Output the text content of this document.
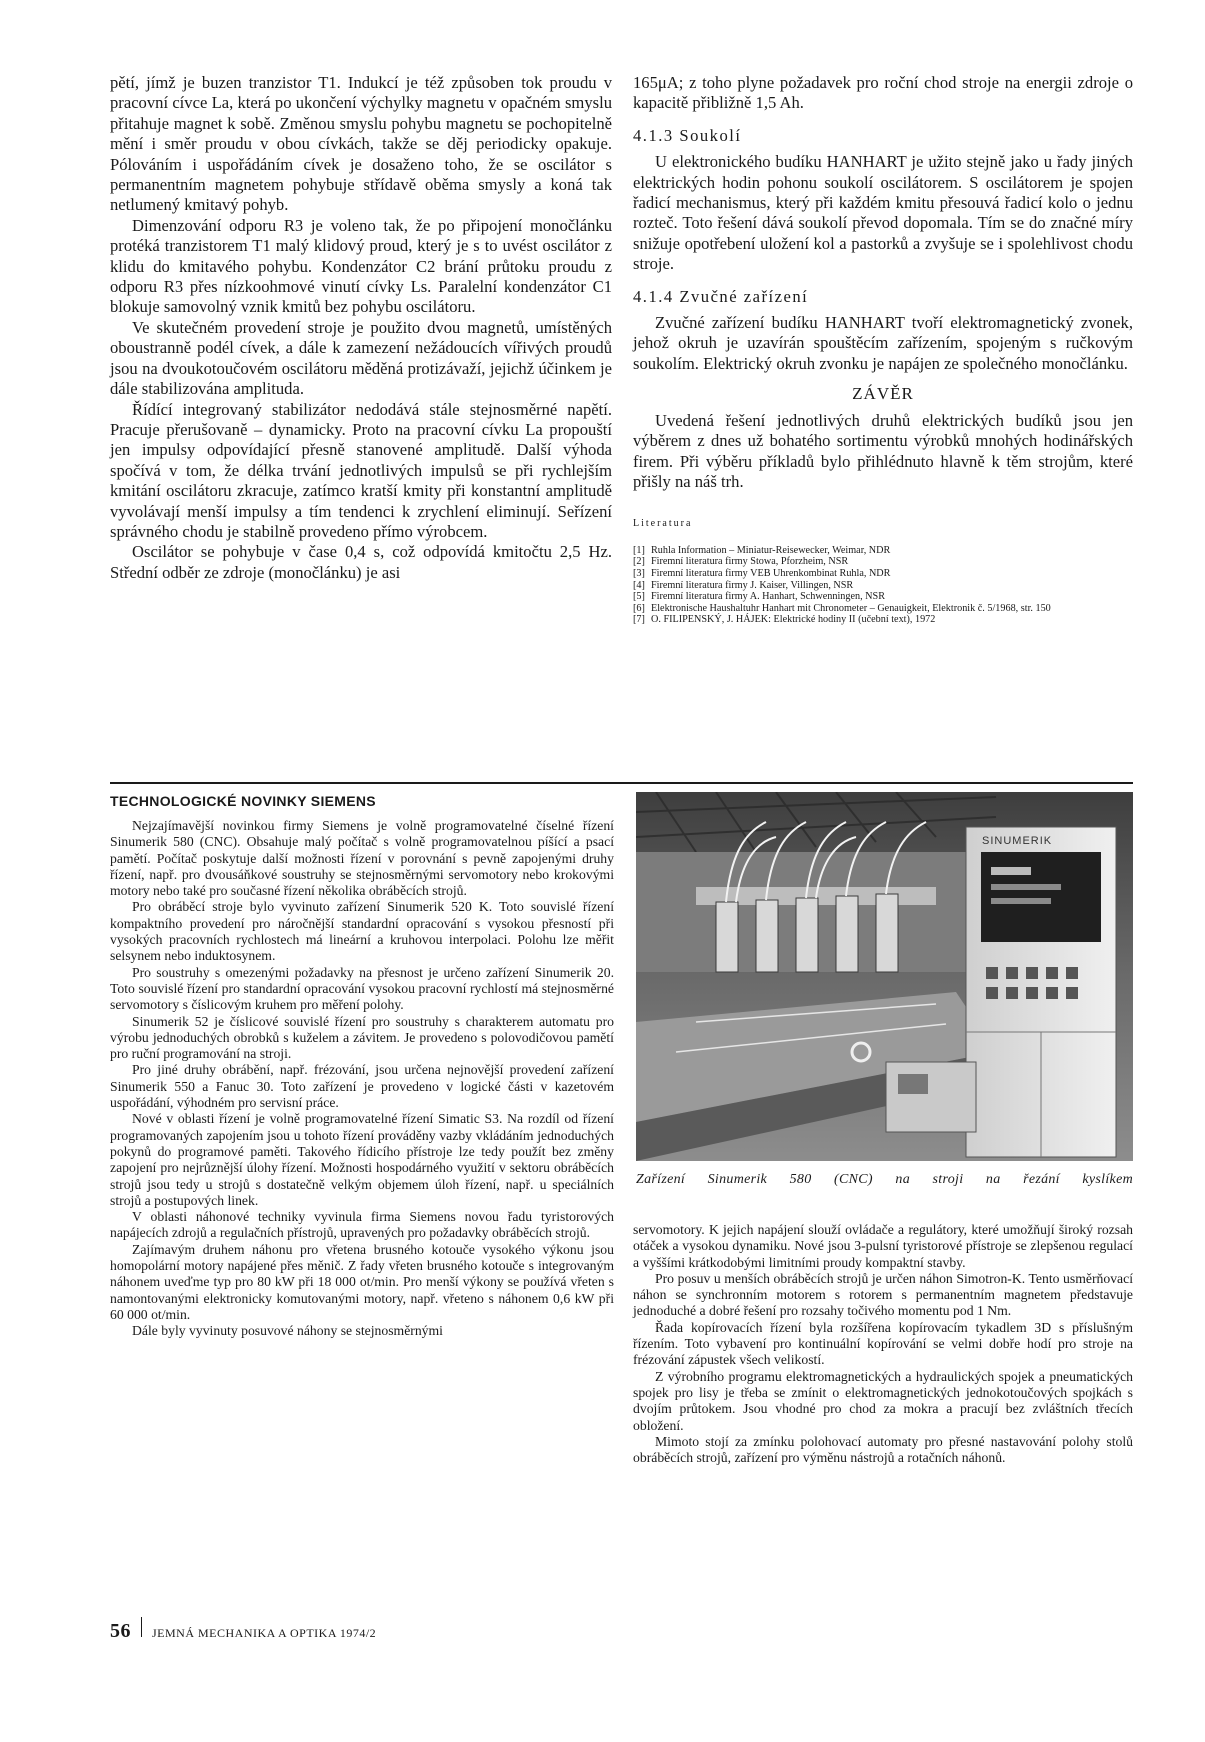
pětí, jímž je buzen tranzistor T1. Indukcí je též způsoben tok proudu v pracovní cívce La, která po ukončení výchylky magnetu v opačném smyslu přitahuje magnet k sobě. Změnou smyslu pohybu magnetu se pochopitelně mění i směr proudu v obou cívkách, takže se děj periodicky opakuje. Pólováním i uspořádáním cívek je dosaženo toho, že se oscilátor s permanentním magnetem pohybuje střídavě oběma smysly a koná tak netlumený kmitavý pohyb.

Dimenzování odporu R3 je voleno tak, že po připojení monočlánku protéká tranzistorem T1 malý klidový proud, který je s to uvést oscilátor z klidu do kmitavého pohybu. Kondenzátor C2 brání průtoku proudu z odporu R3 přes nízkoohmové vinutí cívky Ls. Paralelní kondenzátor C1 blokuje samovolný vznik kmitů bez pohybu oscilátoru.

Ve skutečném provedení stroje je použito dvou magnetů, umístěných oboustranně podél cívek, a dále k zamezení nežádoucích vířivých proudů jsou na dvoukotoučovém oscilátoru měděná protizávaží, jejichž účinkem je dále stabilizována amplituda.

Řídící integrovaný stabilizátor nedodává stále stejnosměrné napětí. Pracuje přerušovaně – dynamicky. Proto na pracovní cívku La propouští jen impulsy odpovídající přesně stanovené amplitudě. Další výhoda spočívá v tom, že délka trvání jednotlivých impulsů se při rychlejším kmitání oscilátoru zkracuje, zatímco kratší kmity při konstantní amplitudě vyvolávají menší impulsy a tím tendenci k zrychlení eliminují. Seřízení správného chodu je stabilně provedeno přímo výrobcem.

Oscilátor se pohybuje v čase 0,4 s, což odpovídá kmitočtu 2,5 Hz. Střední odběr ze zdroje (monočlánku) je asi

165μA; z toho plyne požadavek pro roční chod stroje na energii zdroje o kapacitě přibližně 1,5 Ah.

4.1.3 Soukolí

U elektronického budíku HANHART je užito stejně jako u řady jiných elektrických hodin pohonu soukolí oscilátorem. S oscilátorem je spojen řadicí mechanismus, který při každém kmitu přesouvá řadicí kolo o jednu rozteč. Toto řešení dává soukolí převod dopomala. Tím se do značné míry snižuje opotřebení uložení kol a pastorků a zvyšuje se i spolehlivost chodu stroje.

4.1.4 Zvučné zařízení

Zvučné zařízení budíku HANHART tvoří elektromagnetický zvonek, jehož okruh je uzavírán spouštěcím zařízením, spojeným s ručkovým soukolím. Elektrický okruh zvonku je napájen ze společného monočlánku.

ZÁVĚR

Uvedená řešení jednotlivých druhů elektrických budíků jsou jen výběrem z dnes už bohatého sortimentu výrobků mnohých hodinářských firem. Při výběru příkladů bylo přihlédnuto hlavně k těm strojům, které přišly na náš trh.

Literatura
[1] Ruhla Information – Miniatur-Reisewecker, Weimar, NDR
[2] Firemní literatura firmy Stowa, Pforzheim, NSR
[3] Firemní literatura firmy VEB Uhrenkombinat Ruhla, NDR
[4] Firemní literatura firmy J. Kaiser, Villingen, NSR
[5] Firemní literatura firmy A. Hanhart, Schwenningen, NSR
[6] Elektronische Haushaltuhr Hanhart mit Chronometer – Genauigkeit, Elektronik č. 5/1968, str. 150
[7] O. FILIPENSKÝ, J. HÁJEK: Elektrické hodiny II (učební text), 1972
TECHNOLOGICKÉ NOVINKY SIEMENS

Nejzajímavější novinkou firmy Siemens je volně programovatelné číselné řízení Sinumerik 580 (CNC). Obsahuje malý počítač s volně programovatelnou píšící a psací pamětí. Počítač poskytuje další možnosti řízení v porovnání s pevně zapojenými druhy řízení, např. pro dvousáňkové soustruhy se stejnosměrnými servomotory nebo krokovými motory nebo také pro současné řízení několika obráběcích strojů.

Pro obráběcí stroje bylo vyvinuto zařízení Sinumerik 520 K. Toto souvislé řízení kompaktního provedení pro náročnější standardní opracování s vysokou přesností při vysokých pracovních rychlostech má lineární a kruhovou interpolaci. Polohu lze měřit selsynem nebo induktosynem.

Pro soustruhy s omezenými požadavky na přesnost je určeno zařízení Sinumerik 20. Toto souvislé řízení pro standardní opracování vysokou pracovní rychlostí má stejnosměrné servomotory s číslicovým kruhem pro měření polohy.

Sinumerik 52 je číslicové souvislé řízení pro soustruhy s charakterem automatu pro výrobu jednoduchých obrobků s kuželem a závitem. Je provedeno s polovodičovou pamětí pro ruční programování na stroji.

Pro jiné druhy obrábění, např. frézování, jsou určena nejnovější provedení zařízení Sinumerik 550 a Fanuc 30. Toto zařízení je provedeno v logické části v kazetovém uspořádání, výhodném pro servisní práce.

Nové v oblasti řízení je volně programovatelné řízení Simatic S3. Na rozdíl od řízení programovaných zapojením jsou u tohoto řízení prováděny vazby vkládáním jednoduchých pokynů do programové paměti. Takového řídicího přístroje lze tedy použít bez změny zapojení pro nejrůznější úlohy řízení. Možnosti hospodárného využití v sektoru obráběcích strojů jsou tedy u strojů s dostatečně velkým objemem úloh řízení, např. u speciálních strojů a postupových linek.

V oblasti náhonové techniky vyvinula firma Siemens novou řadu tyristorových napájecích zdrojů a regulačních přístrojů, upravených pro požadavky obráběcích strojů.

Zajímavým druhem náhonu pro vřetena brusného kotouče vysokého výkonu jsou homopolární motory napájené přes měnič. Z řady vřeten brusného kotouče s integrovaným náhonem uveďme typ pro 80 kW při 18 000 ot/min. Pro menší výkony se používá vřeten s namontovanými elektronicky komutovanými motory, např. vřeteno s náhonem 0,6 kW při 60 000 ot/min.

Dále byly vyvinuty posuvové náhony se stejnosměrnými

SINUMERIK
Zařízení Sinumerik 580 (CNC) na stroji na řezání kyslíkem

servomotory. K jejich napájení slouží ovládače a regulátory, které umožňují široký rozsah otáček a vysokou dynamiku. Nové jsou 3-pulsní tyristorové přístroje se zlepšenou regulací a vyššími krátkodobými limitními proudy kompaktní stavby.

Pro posuv u menších obráběcích strojů je určen náhon Simotron-K. Tento usměrňovací náhon se synchronním motorem s rotorem s permanentním magnetem představuje jednoduché a dobré řešení pro rozsahy točivého momentu pod 1 Nm.

Řada kopírovacích řízení byla rozšířena kopírovacím tykadlem 3D s příslušným řízením. Toto vybavení pro kontinuální kopírování se velmi dobře hodí pro stroje na frézování zápustek všech velikostí.

Z výrobního programu elektromagnetických a hydraulických spojek a pneumatických spojek pro lisy je třeba se zmínit o elektromagnetických jednokotoučových spojkách s dvojím průtokem. Jsou vhodné pro chod za mokra a pracují bez zvláštních třecích obložení.

Mimoto stojí za zmínku polohovací automaty pro přesné nastavování polohy stolů obráběcích strojů, zařízení pro výměnu nástrojů a rotačních náhonů.

56 JEMNÁ MECHANIKA A OPTIKA 1974/2
